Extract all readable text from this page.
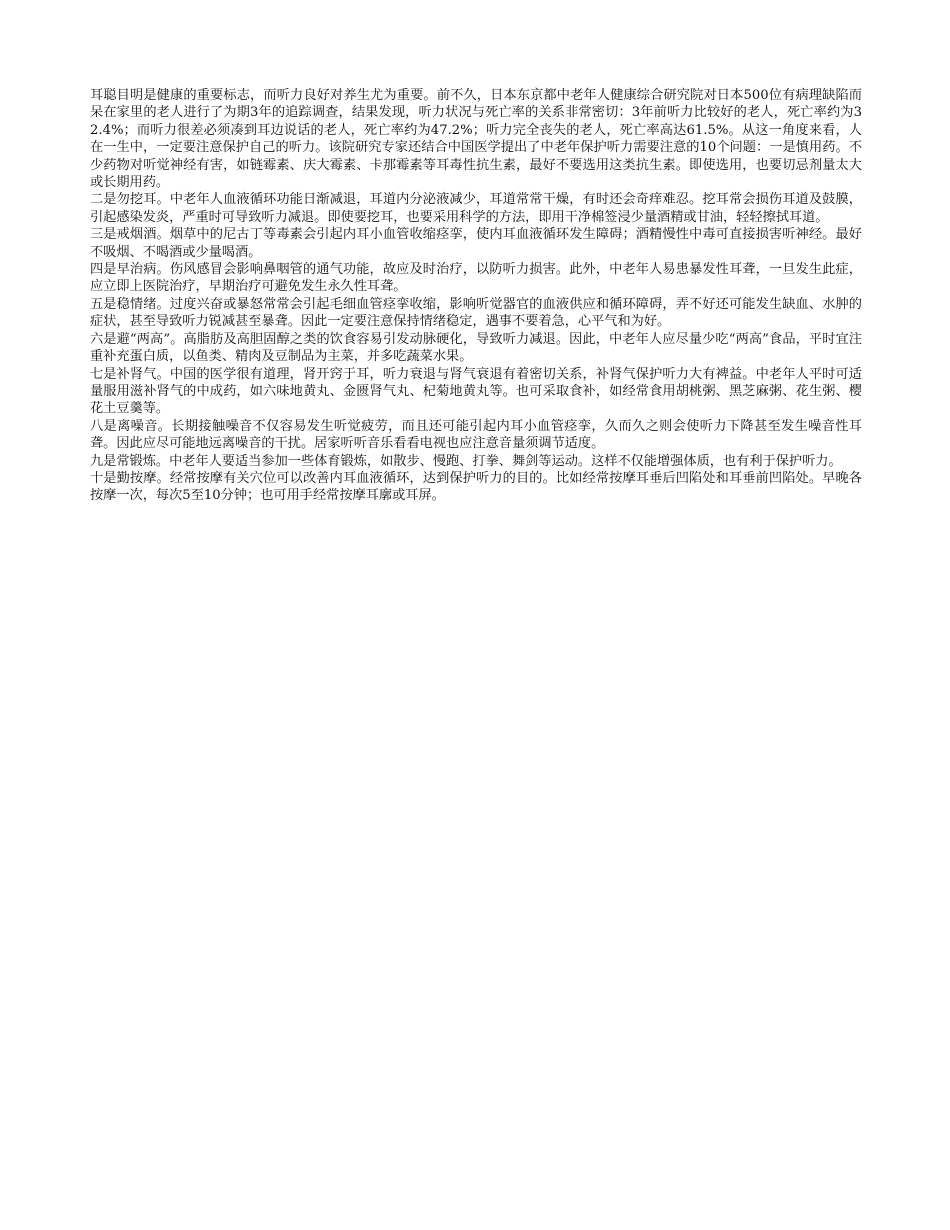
耳聪目明是健康的重要标志，而听力良好对养生尤为重要。前不久，日本东京都中老年人健康综合研究院对日本500位有病理缺陷而呆在家里的老人进行了为期3年的追踪调查，结果发现，听力状况与死亡率的关系非常密切：3年前听力比较好的老人，死亡率约为32.4%；而听力很差必须凑到耳边说话的老人，死亡率约为47.2%；听力完全丧失的老人，死亡率高达61.5%。从这一角度来看，人在一生中，一定要注意保护自己的听力。该院研究专家还结合中国医学提出了中老年保护听力需要注意的10个问题：一是慎用药。不少药物对听觉神经有害，如链霉素、庆大霉素、卡那霉素等耳毒性抗生素，最好不要选用这类抗生素。即使选用，也要切忌剂量太大或长期用药。

二是勿挖耳。中老年人血液循环功能日渐减退，耳道内分泌液减少，耳道常常干燥，有时还会奇痒难忍。挖耳常会损伤耳道及鼓膜，引起感染发炎，严重时可导致听力减退。即使要挖耳，也要采用科学的方法，即用干净棉签浸少量酒精或甘油，轻轻擦拭耳道。

三是戒烟酒。烟草中的尼古丁等毒素会引起内耳小血管收缩痉挛，使内耳血液循环发生障碍；酒精慢性中毒可直接损害听神经。最好不吸烟、不喝酒或少量喝酒。

四是早治病。伤风感冒会影响鼻咽管的通气功能，故应及时治疗，以防听力损害。此外，中老年人易患暴发性耳聋，一旦发生此症，应立即上医院治疗，早期治疗可避免发生永久性耳聋。

五是稳情绪。过度兴奋或暴怒常常会引起毛细血管痉挛收缩，影响听觉器官的血液供应和循环障碍，弄不好还可能发生缺血、水肿的症状，甚至导致听力锐减甚至暴聋。因此一定要注意保持情绪稳定，遇事不要着急，心平气和为好。

六是避“两高”。高脂肪及高胆固醇之类的饮食容易引发动脉硬化，导致听力减退。因此，中老年人应尽量少吃“两高”食品，平时宜注重补充蛋白质，以鱼类、精肉及豆制品为主菜，并多吃蔬菜水果。

七是补肾气。中国的医学很有道理，肾开窍于耳，听力衰退与肾气衰退有着密切关系，补肾气保护听力大有裨益。中老年人平时可适量服用滋补肾气的中成药，如六味地黄丸、金匮肾气丸、杞菊地黄丸等。也可采取食补，如经常食用胡桃粥、黑芝麻粥、花生粥、樱花土豆羹等。

八是离噪音。长期接触噪音不仅容易发生听觉疲劳，而且还可能引起内耳小血管痉挛，久而久之则会使听力下降甚至发生噪音性耳聋。因此应尽可能地远离噪音的干扰。居家听听音乐看看电视也应注意音量须调节适度。

九是常锻炼。中老年人要适当参加一些体育锻炼，如散步、慢跑、打拳、舞剑等运动。这样不仅能增强体质，也有利于保护听力。

十是勤按摩。经常按摩有关穴位可以改善内耳血液循环，达到保护听力的目的。比如经常按摩耳垂后凹陷处和耳垂前凹陷处。早晚各按摩一次，每次5至10分钟；也可用手经常按摩耳廓或耳屏。
